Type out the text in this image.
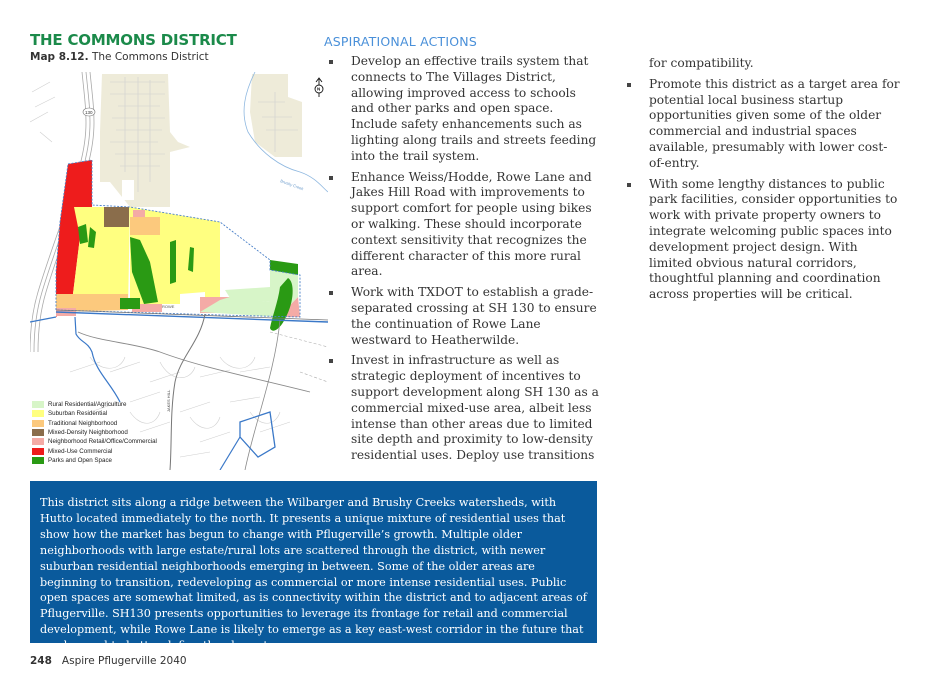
THE COMMONS DISTRICT
Map 8.12. The Commons District
130
Brushy Creek
ROWE
JAKES HILL
N
Rural Residential/Agriculture
Suburban Residential
Traditional Neighborhood
Mixed-Density Neighborhood
Neighborhood Retail/Office/Commercial
Mixed-Use Commercial
Parks and Open Space
ASPIRATIONAL ACTIONS
Develop an effective trails system that connects to The Villages District, allowing improved access to schools and other parks and open space. Include safety enhancements such as lighting along trails and streets feeding into the trail system.
Enhance Weiss/Hodde, Rowe Lane and Jakes Hill Road with improvements to support comfort for people using bikes or walking. These should incorporate context sensitivity that recognizes the different character of this more rural area.
Work with TXDOT to establish a grade-separated crossing at SH 130 to ensure the continuation of Rowe Lane westward to Heatherwilde.
Invest in infrastructure as well as strategic deployment of incentives to support development along SH 130 as a commercial mixed-use area, albeit less intense than other areas due to limited site depth and proximity to low-density residential uses. Deploy use transitions
for compatibility.
Promote this district as a target area for potential local business startup opportunities given some of the older commercial and industrial spaces available, presumably with lower cost-of-entry.
With some lengthy distances to public park facilities, consider opportunities to work with private property owners to integrate welcoming public spaces into development project design. With limited obvious natural corridors, thoughtful planning and coordination across properties will be critical.
This district sits along a ridge between the Wilbarger and Brushy Creeks watersheds, with Hutto located immediately to the north. It presents a unique mixture of residential uses that show how the market has begun to change with Pflugerville’s growth. Multiple older neighborhoods with large estate/rural lots are scattered through the district, with newer suburban residential neighborhoods emerging in between. Some of the older areas are beginning to transition, redeveloping as commercial or more intense residential uses. Public open spaces are somewhat limited, as is connectivity within the district and to adjacent areas of Pflugerville. SH130 presents opportunities to leverage its frontage for retail and commercial development, while Rowe Lane is likely to emerge as a key east-west corridor in the future that can be used to better define the character.
248 Aspire Pflugerville 2040
